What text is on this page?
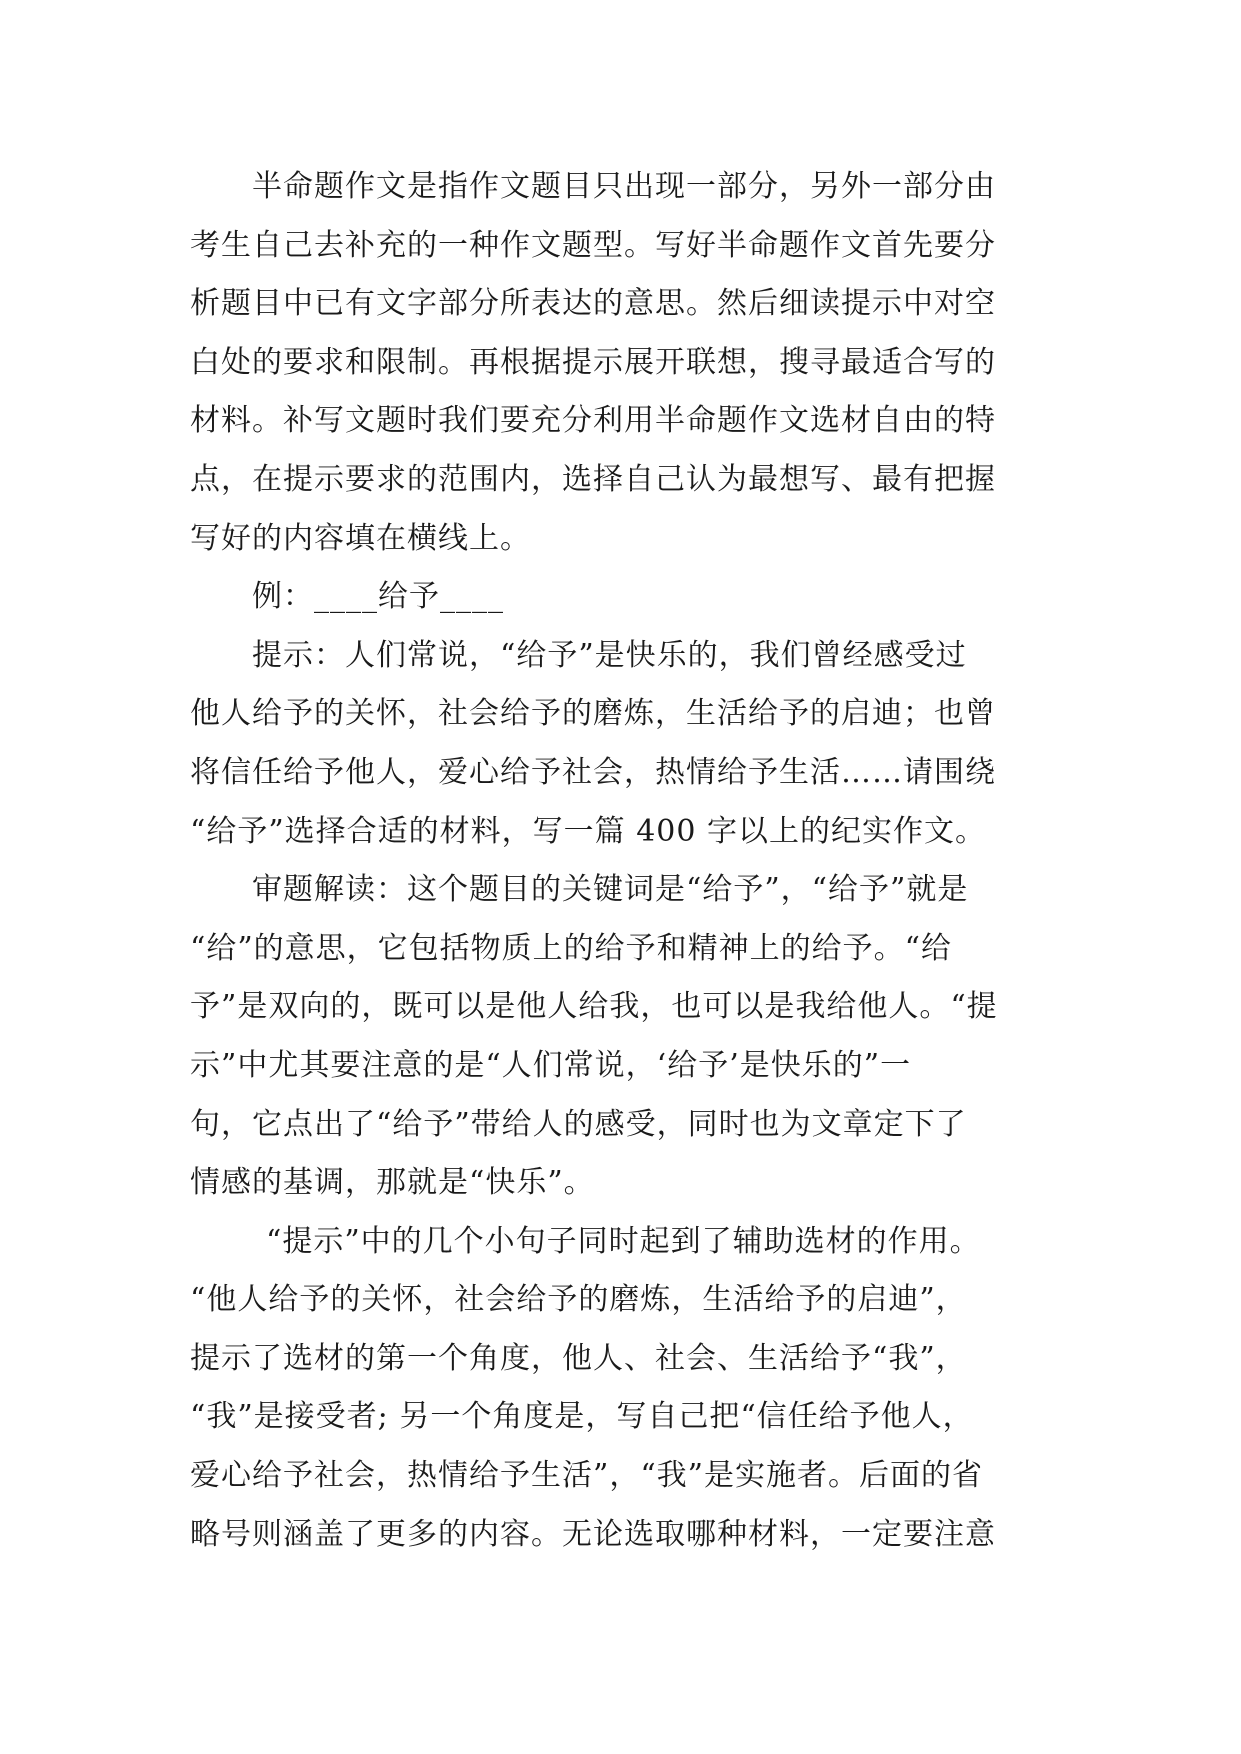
半命题作文是指作文题目只出现一部分，另外一部分由
考生自己去补充的一种作文题型。写好半命题作文首先要分
析题目中已有文字部分所表达的意思。然后细读提示中对空
白处的要求和限制。再根据提示展开联想，搜寻最适合写的
材料。补写文题时我们要充分利用半命题作文选材自由的特
点，在提示要求的范围内，选择自己认为最想写、最有把握
写好的内容填在横线上。

例：____给予____

提示：人们常说，“给予”是快乐的，我们曾经感受过
他人给予的关怀，社会给予的磨炼，生活给予的启迪；也曾
将信任给予他人，爱心给予社会，热情给予生活……请围绕
“给予”选择合适的材料，写一篇 400 字以上的纪实作文。

审题解读：这个题目的关键词是“给予”，“给予”就是
“给”的意思，它包括物质上的给予和精神上的给予。“给
予”是双向的，既可以是他人给我，也可以是我给他人。“提
示”中尤其要注意的是“人们常说，‘给予’是快乐的”一
句，它点出了“给予”带给人的感受，同时也为文章定下了
情感的基调，那就是“快乐”。

“提示”中的几个小句子同时起到了辅助选材的作用。
“他人给予的关怀，社会给予的磨炼，生活给予的启迪”，
提示了选材的第一个角度，他人、社会、生活给予“我”，
“我”是接受者; 另一个角度是，写自己把“信任给予他人，
爱心给予社会，热情给予生活”，“我”是实施者。后面的省
略号则涵盖了更多的内容。无论选取哪种材料，一定要注意
